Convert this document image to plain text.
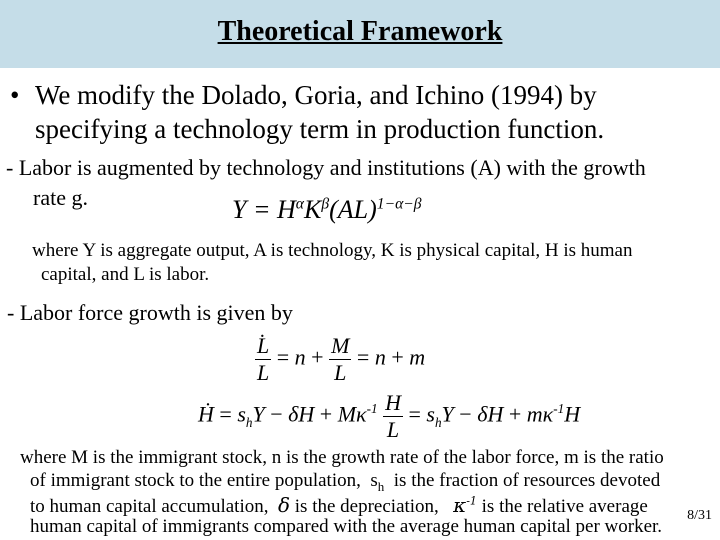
Theoretical Framework
• We modify the Dolado, Goria, and Ichino (1994) by
specifying a technology term in production function.
- Labor is augmented by technology and institutions (A) with the growth
rate g.	$Y = H^\alpha K^\beta(AL)^{1-\alpha-\beta}$
where Y is aggregate output, A is technology, K is physical capital, H is human
capital, and L is labor.
- Labor force growth is given by
$\frac{L̇}{L} = n + \frac{M}{L} = n + m$
Ḣ = $s_hY - \delta H + M\kappa^{-1} \frac{H}{L} = s_hY - \delta H + m\kappa^{-1}H$
where M is the immigrant stock, n is the growth rate of the labor force, m is the ratio
of immigrant stock to the entire population, $s_h$ is the fraction of resources devoted
to human capital accumulation, δ is the depreciation, $\kappa^{-1}$ is the relative average
human capital of immigrants compared with the average human capital per worker.
8/31
